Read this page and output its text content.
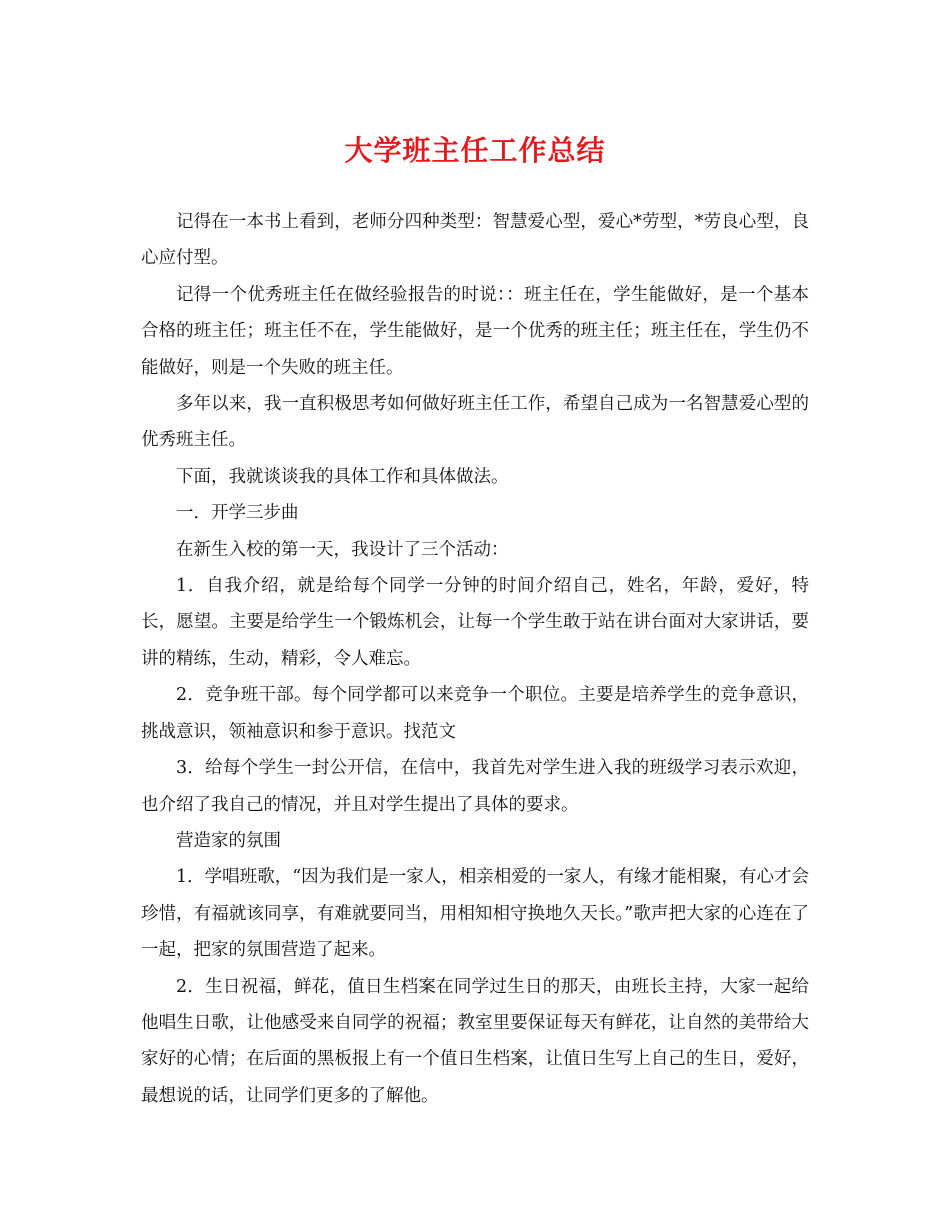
大学班主任工作总结

记得在一本书上看到，老师分四种类型：智慧爱心型，爱心*劳型，*劳良心型，良心应付型。

记得一个优秀班主任在做经验报告的时说：：班主任在，学生能做好，是一个基本合格的班主任；班主任不在，学生能做好，是一个优秀的班主任；班主任在，学生仍不能做好，则是一个失败的班主任。

多年以来，我一直积极思考如何做好班主任工作，希望自己成为一名智慧爱心型的优秀班主任。

下面，我就谈谈我的具体工作和具体做法。

一．开学三步曲

在新生入校的第一天，我设计了三个活动：

1．自我介绍，就是给每个同学一分钟的时间介绍自己，姓名，年龄，爱好，特长，愿望。主要是给学生一个锻炼机会，让每一个学生敢于站在讲台面对大家讲话，要讲的精练，生动，精彩，令人难忘。

2．竞争班干部。每个同学都可以来竞争一个职位。主要是培养学生的竞争意识，挑战意识，领袖意识和参于意识。找范文

3．给每个学生一封公开信，在信中，我首先对学生进入我的班级学习表示欢迎，也介绍了我自己的情况，并且对学生提出了具体的要求。

营造家的氛围

1．学唱班歌，“因为我们是一家人，相亲相爱的一家人，有缘才能相聚，有心才会珍惜，有福就该同享，有难就要同当，用相知相守换地久天长。”歌声把大家的心连在了一起，把家的氛围营造了起来。

2．生日祝福，鲜花，值日生档案在同学过生日的那天，由班长主持，大家一起给他唱生日歌，让他感受来自同学的祝福；教室里要保证每天有鲜花，让自然的美带给大家好的心情；在后面的黑板报上有一个值日生档案，让值日生写上自己的生日，爱好，最想说的话，让同学们更多的了解他。
